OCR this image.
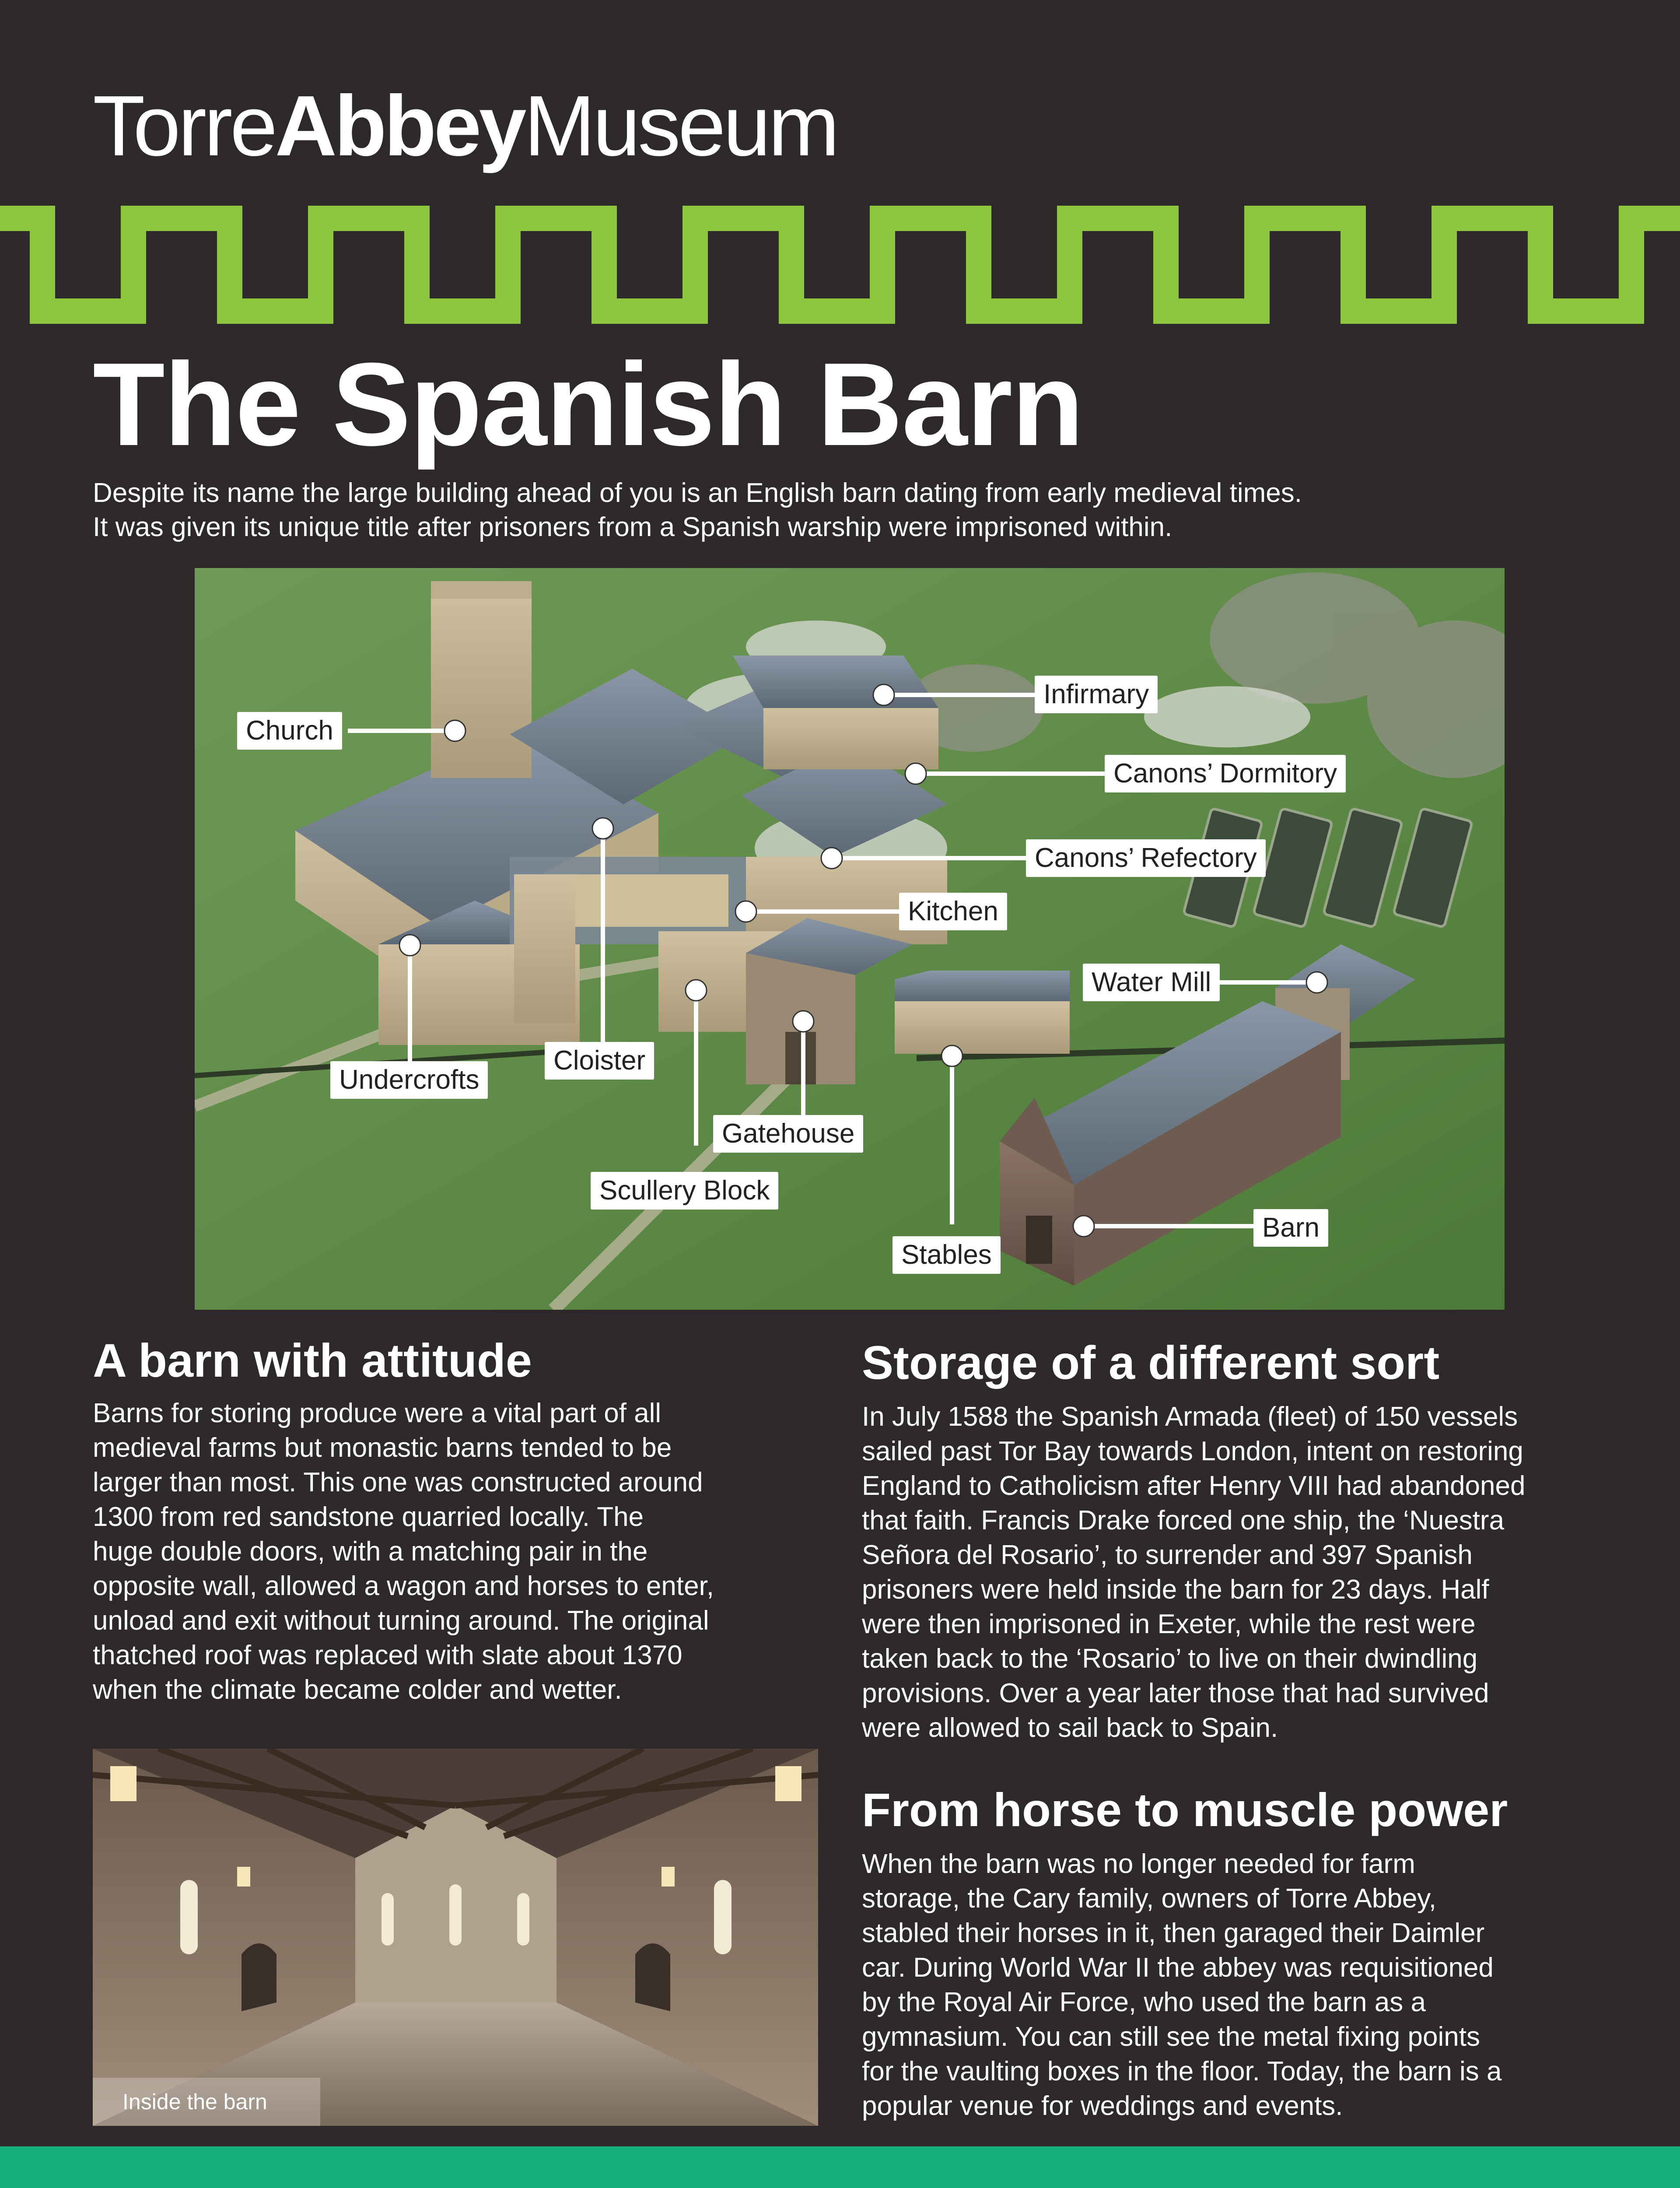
TorreAbbeyMuseum
The Spanish Barn

Despite its name the large building ahead of you is an English barn dating from early medieval times.
It was given its unique title after prisoners from a Spanish warship were imprisoned within.

Church
Infirmary
Canons’ Dormitory
Canons’ Refectory
Kitchen
Water Mill
Undercrofts
Cloister
Gatehouse
Scullery Block
Stables
Barn
A barn with attitude

Barns for storing produce were a vital part of all
medieval farms but monastic barns tended to be
larger than most. This one was constructed around
1300 from red sandstone quarried locally. The
huge double doors, with a matching pair in the
opposite wall, allowed a wagon and horses to enter,
unload and exit without turning around. The original
thatched roof was replaced with slate about 1370
when the climate became colder and wetter.

Inside the barn
Storage of a different sort

In July 1588 the Spanish Armada (fleet) of 150 vessels
sailed past Tor Bay towards London, intent on restoring
England to Catholicism after Henry VIII had abandoned
that faith. Francis Drake forced one ship, the ‘Nuestra
Señora del Rosario’, to surrender and 397 Spanish
prisoners were held inside the barn for 23 days. Half
were then imprisoned in Exeter, while the rest were
taken back to the ‘Rosario’ to live on their dwindling
provisions. Over a year later those that had survived
were allowed to sail back to Spain.

From horse to muscle power

When the barn was no longer needed for farm
storage, the Cary family, owners of Torre Abbey,
stabled their horses in it, then garaged their Daimler
car. During World War II the abbey was requisitioned
by the Royal Air Force, who used the barn as a
gymnasium. You can still see the metal fixing points
for the vaulting boxes in the floor. Today, the barn is a
popular venue for weddings and events.
